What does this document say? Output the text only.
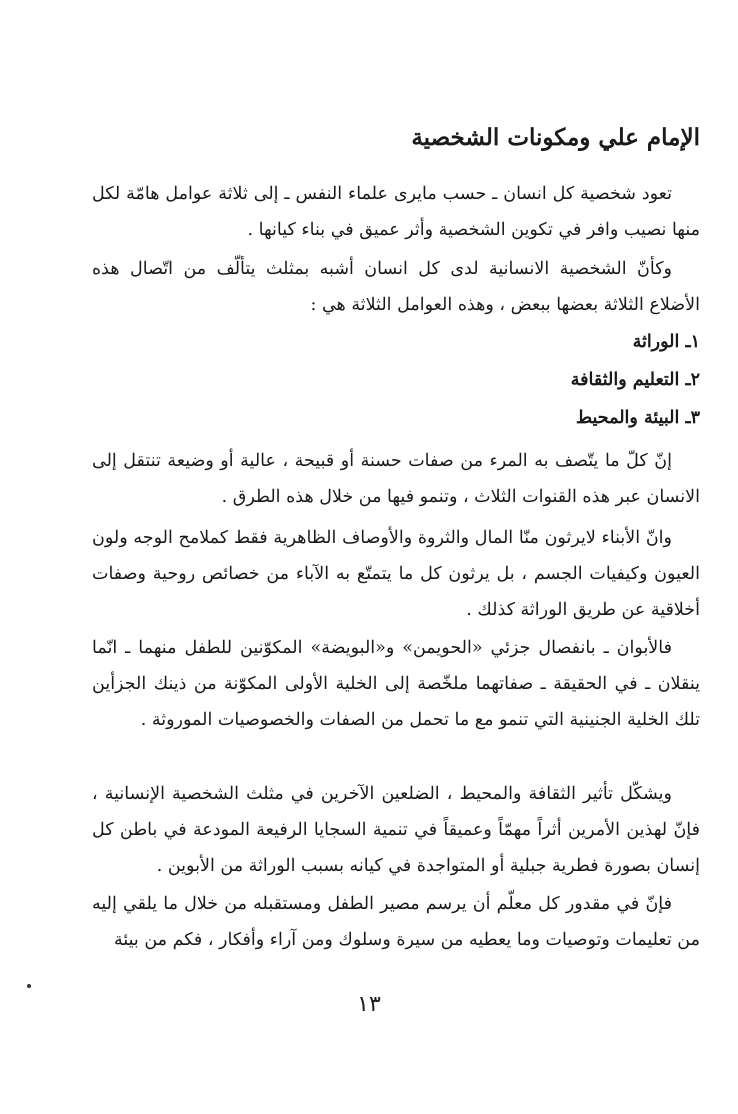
الإمام علي ومكونات الشخصية

تعود شخصية كل انسان ـ حسب مايرى علماء النفس ـ إلى ثلاثة عوامل هامّة لكل منها نصيب وافر في تكوين الشخصية وأثر عميق في بناء كيانها .

وكأنّ الشخصية الانسانية لدى كل انسان أشبه بمثلث يتألّف من اتّصال هذه الأضلاع الثلاثة بعضها ببعض ، وهذه العوامل الثلاثة هي :

١ـ الوراثة

٢ـ التعليم والثقافة

٣ـ البيئة والمحيط

إنّ كلّ ما يتّصف به المرء من صفات حسنة أو قبيحة ، عالية أو وضيعة تنتقل إلى الانسان عبر هذه القنوات الثلاث ، وتنمو فيها من خلال هذه الطرق .

وانّ الأبناء لايرثون منّا المال والثروة والأوصاف الظاهرية فقط كملامح الوجه ولون العيون وكيفيات الجسم ، بل يرثون كل ما يتمتّع به الآباء من خصائص روحية وصفات أخلاقية عن طريق الوراثة كذلك .

فالأبوان ـ بانفصال جزئي «الحويمن» و«البويضة» المكوّنين للطفل منهما ـ انّما ينقلان ـ في الحقيقة ـ صفاتهما ملخّصة إلى الخلية الأولى المكوّنة من ذينك الجزأين تلك الخلية الجنينية التي تنمو مع ما تحمل من الصفات والخصوصيات الموروثة .

ويشكّل تأثير الثقافة والمحيط ، الضلعين الآخرين في مثلث الشخصية الإنسانية ، فإنّ لهذين الأمرين أثراً مهمّاً وعميقاً في تنمية السجايا الرفيعة المودعة في باطن كل إنسان بصورة فطرية جبلية أو المتواجدة في كيانه بسبب الوراثة من الأبوين .

فإنّ في مقدور كل معلّم أن يرسم مصير الطفل ومستقبله من خلال ما يلقي إليه من تعليمات وتوصيات وما يعطيه من سيرة وسلوك ومن آراء وأفكار ، فكم من بيئة

١٣
